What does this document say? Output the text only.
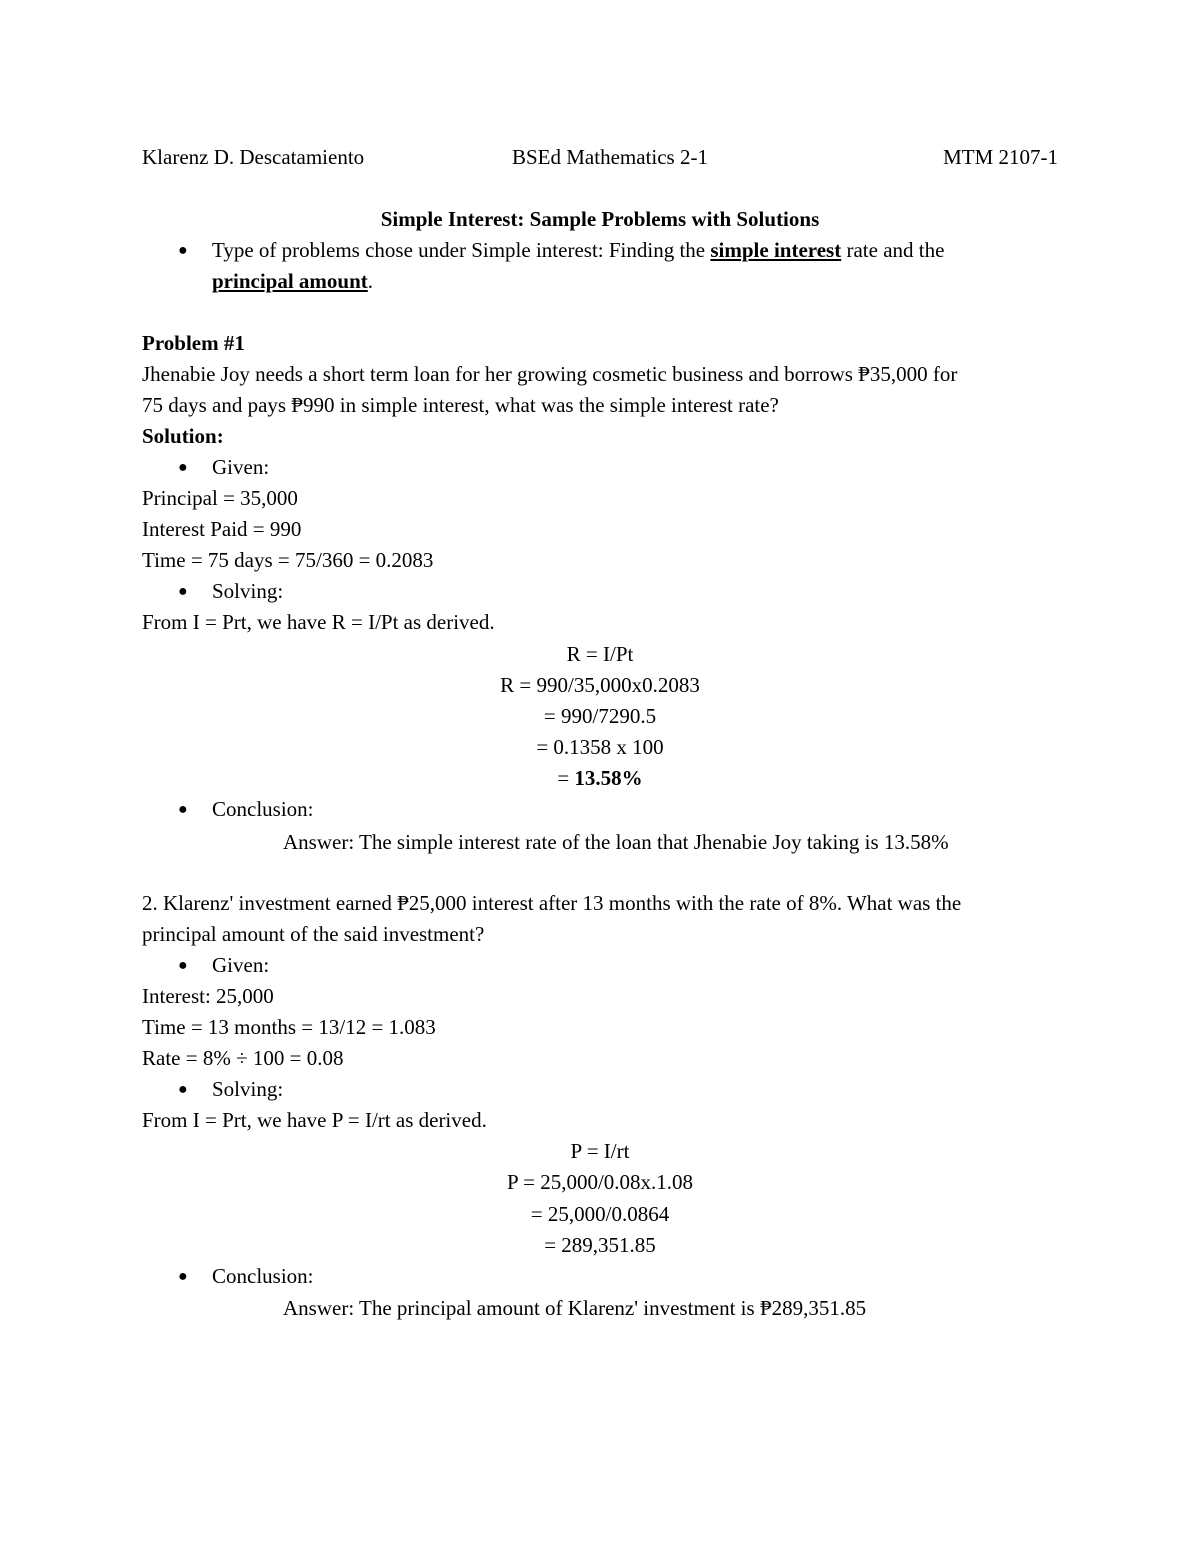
Klarenz D. Descatamiento	BSEd Mathematics 2-1	MTM 2107-1
Simple Interest: Sample Problems with Solutions
● Type of problems chose under Simple interest: Finding the simple interest rate and the
principal amount.
Problem #1
Jhenabie Joy needs a short term loan for her growing cosmetic business and borrows ₱35,000 for
75 days and pays ₱990 in simple interest, what was the simple interest rate?
Solution:
● Given:
Principal = 35,000
Interest Paid = 990
Time = 75 days = 75/360 = 0.2083
● Solving:
From I = Prt, we have R = I/Pt as derived.
R = I/Pt
R = 990/35,000x0.2083
= 990/7290.5
= 0.1358 x 100
= 13.58%
● Conclusion:
Answer: The simple interest rate of the loan that Jhenabie Joy taking is 13.58%
2. Klarenz' investment earned ₱25,000 interest after 13 months with the rate of 8%. What was the
principal amount of the said investment?
● Given:
Interest: 25,000
Time = 13 months = 13/12 = 1.083
Rate = 8% ÷ 100 = 0.08
● Solving:
From I = Prt, we have P = I/rt as derived.
P = I/rt
P = 25,000/0.08x.1.08
= 25,000/0.0864
= 289,351.85
● Conclusion:
Answer: The principal amount of Klarenz' investment is ₱289,351.85
